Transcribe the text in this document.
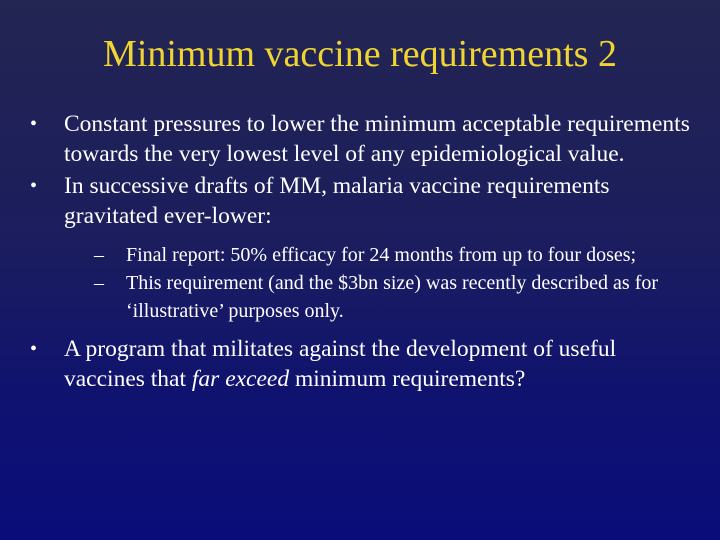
Minimum vaccine requirements 2
•	Constant pressures to lower the minimum acceptable requirements towards the very lowest level of any epidemiological value.
•	In successive drafts of MM, malaria vaccine requirements gravitated ever-lower:
– Final report: 50% efficacy for 24 months from up to four doses;
– This requirement (and the $3bn size) was recently described as for ‘illustrative’ purposes only.
•	A program that militates against the development of useful vaccines that far exceed minimum requirements?
